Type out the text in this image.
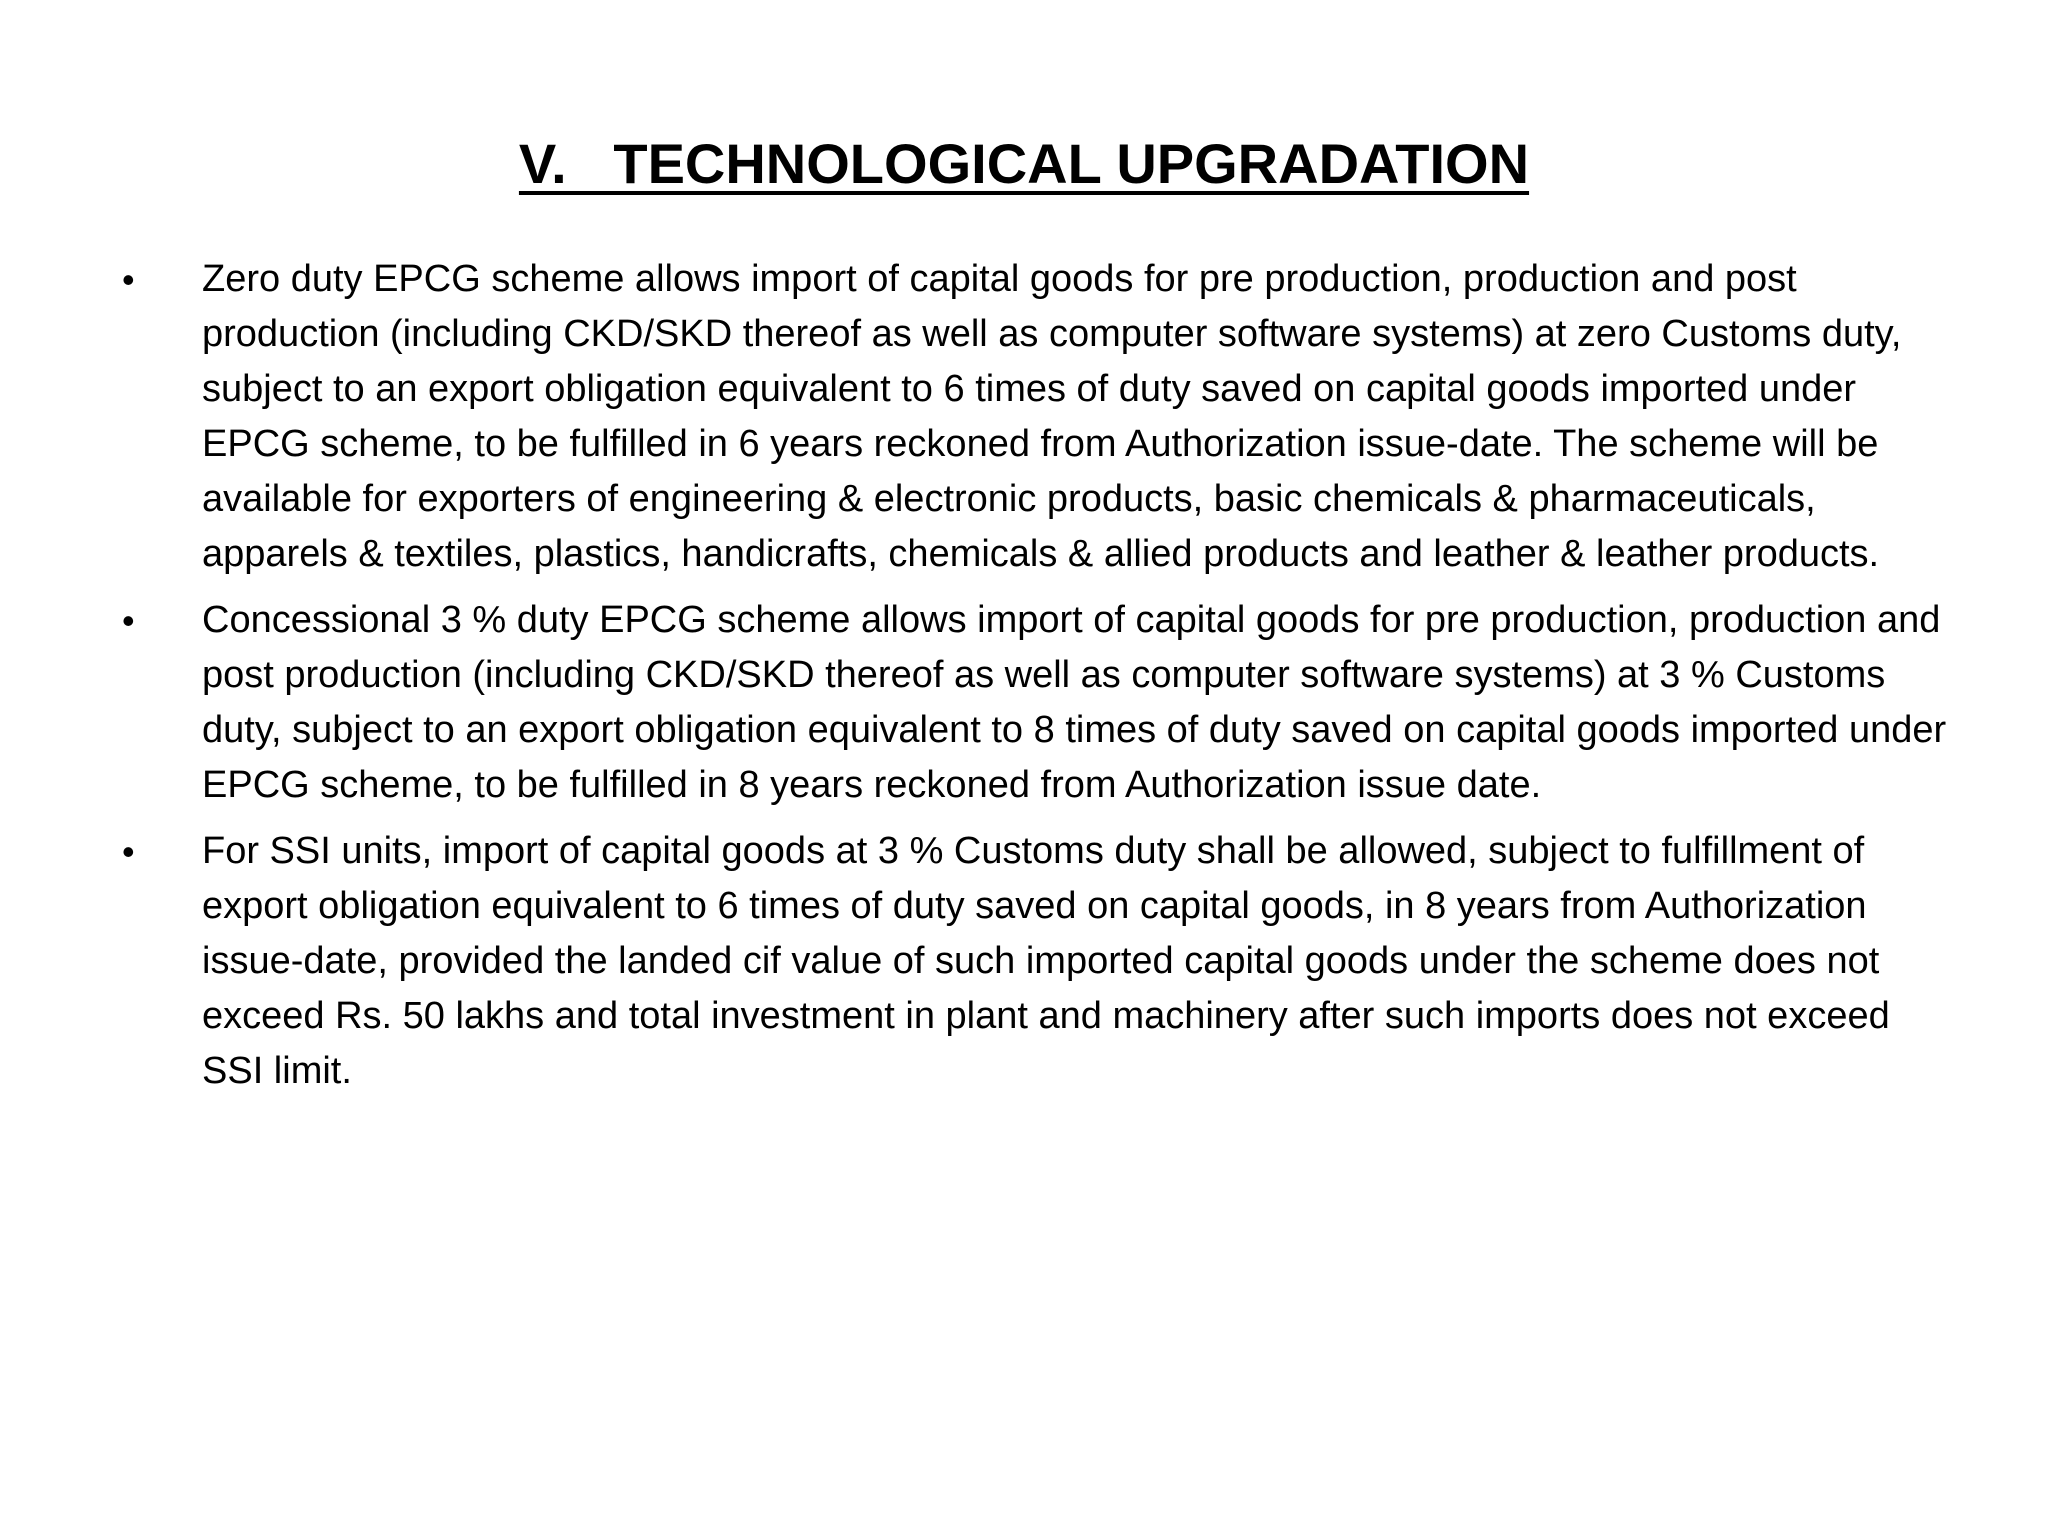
V.   TECHNOLOGICAL UPGRADATION
•	Zero duty EPCG scheme allows import of capital goods for pre production, production and post production (including CKD/SKD thereof as well as computer software systems) at zero Customs duty, subject to an export obligation equivalent to 6 times of duty saved on capital goods imported under EPCG scheme, to be fulfilled in 6 years reckoned from Authorization issue-date. The scheme will be available for exporters of engineering & electronic products, basic chemicals & pharmaceuticals, apparels & textiles, plastics, handicrafts, chemicals & allied products and leather & leather products.
•	Concessional 3 % duty EPCG scheme allows import of capital goods for pre production, production and post production (including CKD/SKD thereof as well as computer software systems) at 3 % Customs duty, subject to an export obligation equivalent to 8 times of duty saved on capital goods imported under EPCG scheme, to be fulfilled in 8 years reckoned from Authorization issue date.
•	For SSI units, import of capital goods at 3 % Customs duty shall be allowed, subject to fulfillment of export obligation equivalent to 6 times of duty saved on capital goods, in 8 years from Authorization issue-date, provided the landed cif value of such imported capital goods under the scheme does not exceed Rs. 50 lakhs and total investment in plant and machinery after such imports does not exceed SSI limit.
